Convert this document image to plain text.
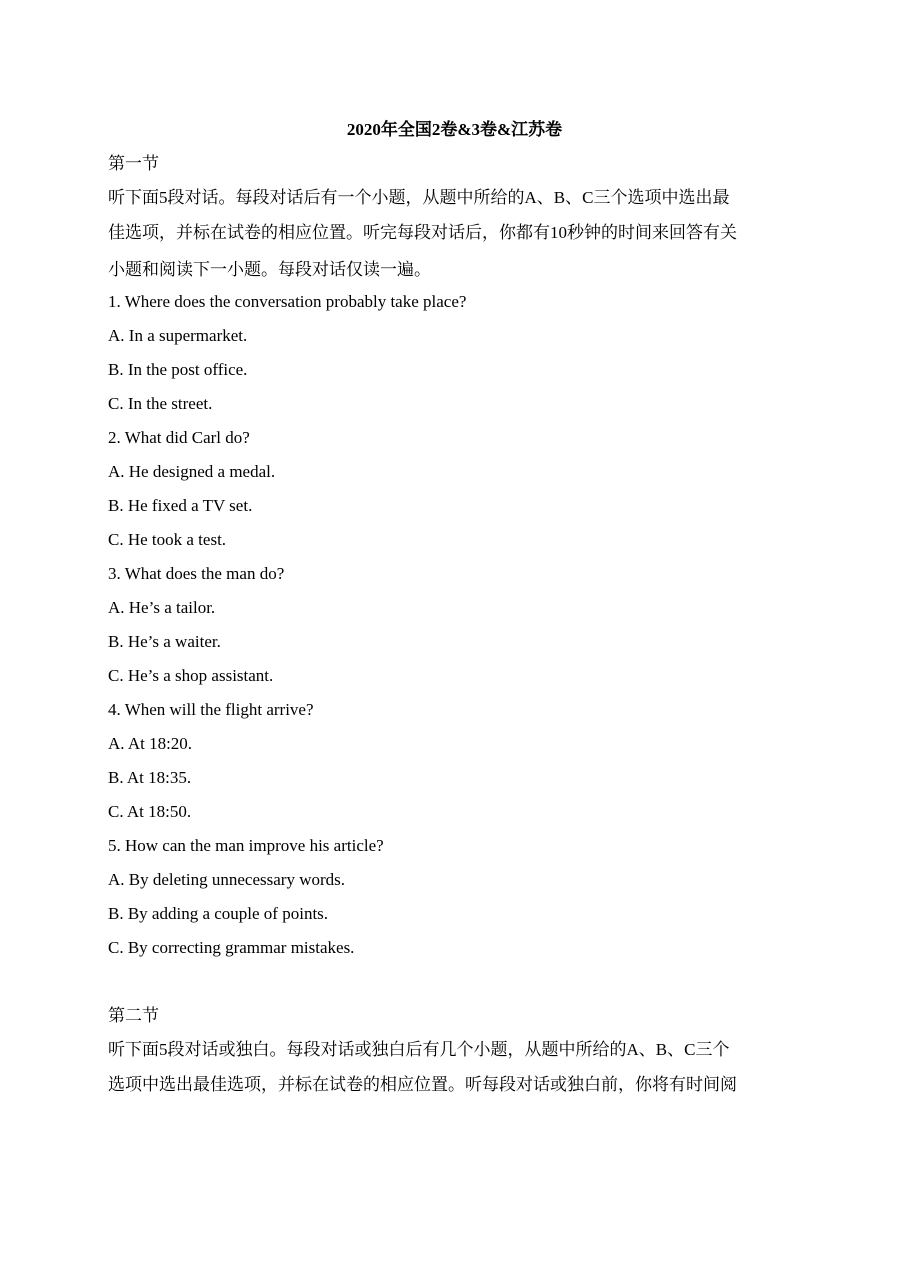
2020年全国2卷&3卷&江苏卷
第一节
听下面5段对话。每段对话后有一个小题，从题中所给的A、B、C三个选项中选出最
佳选项，并标在试卷的相应位置。听完每段对话后，你都有10秒钟的时间来回答有关
小题和阅读下一小题。每段对话仅读一遍。
1. Where does the conversation probably take place?
A. In a supermarket.
B. In the post office.
C. In the street.
2. What did Carl do?
A. He designed a medal.
B. He fixed a TV set.
C. He took a test.
3. What does the man do?
A. He’s a tailor.
B. He’s a waiter.
C. He’s a shop assistant.
4. When will the flight arrive?
A. At 18:20.
B. At 18:35.
C. At 18:50.
5. How can the man improve his article?
A. By deleting unnecessary words.
B. By adding a couple of points.
C. By correcting grammar mistakes.
第二节
听下面5段对话或独白。每段对话或独白后有几个小题，从题中所给的A、B、C三个
选项中选出最佳选项，并标在试卷的相应位置。听每段对话或独白前，你将有时间阅
